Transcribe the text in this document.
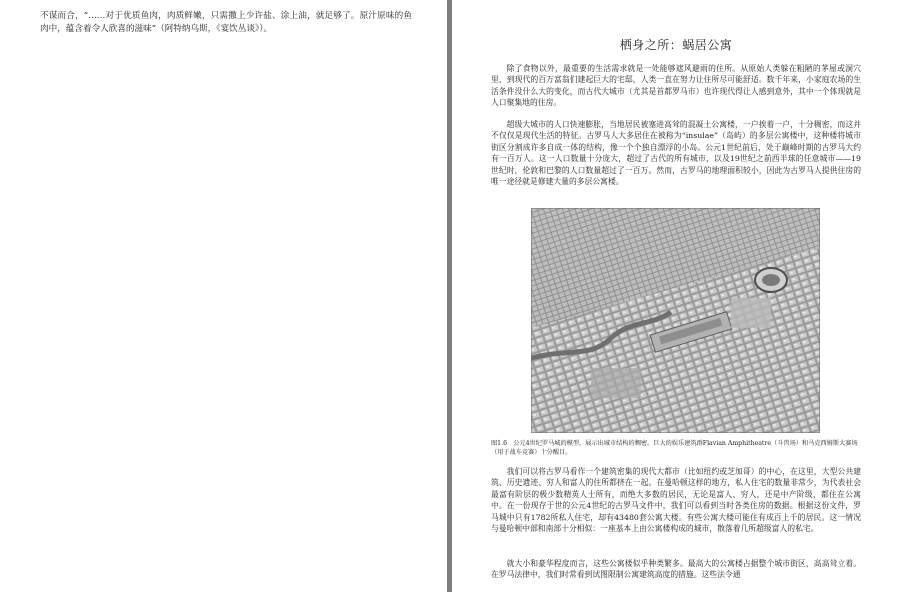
不谋而合，“……对于优质鱼肉，肉质鲜嫩，只需撒上少许盐、涂上油，就足够了。原汁原味的鱼肉中，蕴含着令人欣喜的滋味”（阿特纳乌斯，《宴饮丛谈》）。
栖身之所：蜗居公寓

除了食物以外，最重要的生活需求就是一处能够遮风避雨的住所。从原始人类躲在粗陋的茅屋或洞穴里，到现代的百万富翁们建起巨大的宅邸，人类一直在努力让住所尽可能舒适。数千年来，小家庭农场的生活条件没什么大的变化，而古代大城市（尤其是首都罗马市）也许现代得让人感到意外，其中一个体现就是人口聚集地的住房。

超级大城市的人口快速膨胀，当地居民被塞进高耸的混凝土公寓楼，一户挨着一户，十分稠密，而这并不仅仅是现代生活的特征。古罗马人大多居住在被称为“insulae”（岛屿）的多层公寓楼中，这种楼将城市街区分割成许多自成一体的结构，像一个个独自漂浮的小岛。公元1世纪前后，处于巅峰时期的古罗马大约有一百万人。这一人口数量十分庞大，超过了古代的所有城市，以及19世纪之前西半球的任意城市——19世纪时，伦敦和巴黎的人口数量超过了一百万。然而，古罗马的地理面积较小，因此为古罗马人提供住房的唯一途径就是修建大量的多层公寓楼。

图1.6　公元4世纪罗马城的模型，展示出城市结构的稠密。巨大的娱乐建筑群Flavian Amphitheatre（斗兽场）和马克西姆斯大赛场（用于战车竞赛）十分醒目。

我们可以将古罗马看作一个建筑密集的现代大都市（比如纽约或芝加哥）的中心，在这里，大型公共建筑、历史遗迹、穷人和富人的住所都挤在一起。在曼哈顿这样的地方，私人住宅的数量非常少，为代表社会最富有阶层的极少数精英人士所有，而绝大多数的居民，无论是富人、穷人，还是中产阶级，都住在公寓中。在一份现存于世的公元4世纪的古罗马文件中，我们可以看到当时各类住房的数据。根据这份文件，罗马城中只有1782所私人住宅，却有43480套公寓大楼。有些公寓大楼可能住有成百上千的居民。这一情况与曼哈顿中部和南部十分相似：一座基本上由公寓楼构成的城市，散落着几所超级富人的私宅。

就大小和豪华程度而言，这些公寓楼似乎种类繁多。最高大的公寓楼占据整个城市街区，高高耸立着。在罗马法律中，我们时常看到试图限制公寓建筑高度的措施。这些法令通
